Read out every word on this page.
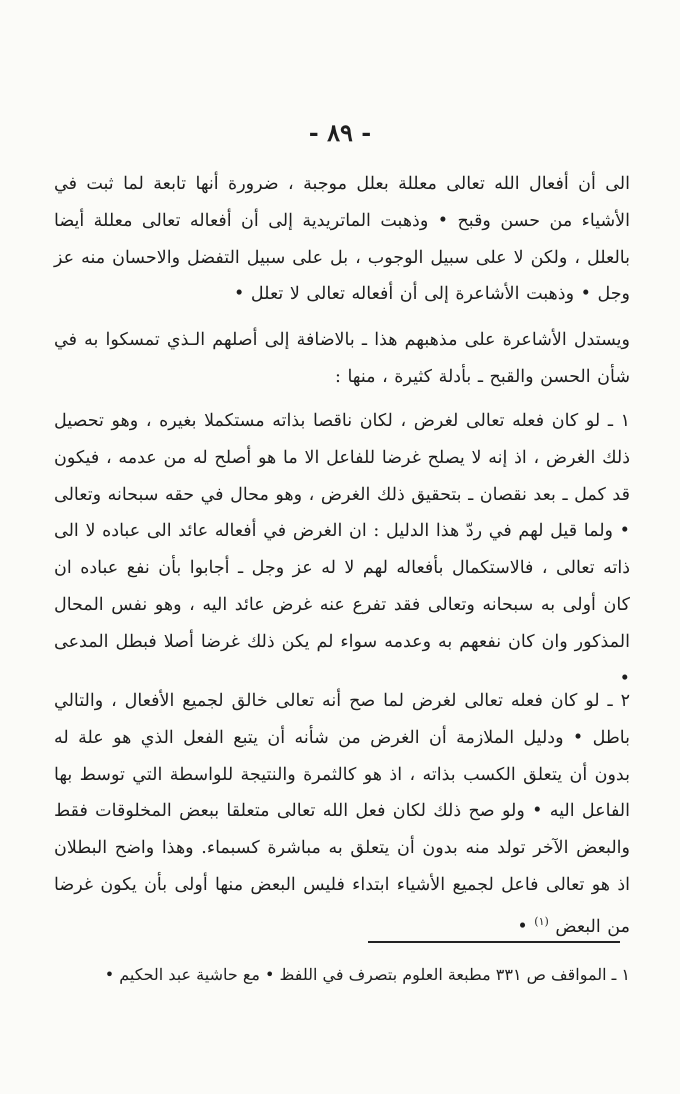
- ٨٩ -

الى أن أفعال الله تعالى معللة بعلل موجبة ، ضرورة أنها تابعة لما ثبت في الأشياء من حسن وقبح • وذهبت الماتريدية إلى أن أفعاله تعالى معللة أيضا بالعلل ، ولكن لا على سبيل الوجوب ، بل على سبيل التفضل والاحسان منه عز وجل • وذهبت الأشاعرة إلى أن أفعاله تعالى لا تعلل •

ويستدل الأشاعرة على مذهبهم هذا ـ بالاضافة إلى أصلهم الـذي تمسكوا به في شأن الحسن والقبح ـ بأدلة كثيرة ، منها :

١ ـ لو كان فعله تعالى لغرض ، لكان ناقصا بذاته مستكملا بغيره ، وهو تحصيل ذلك الغرض ، اذ إنه لا يصلح غرضا للفاعل الا ما هو أصلح له من عدمه ، فيكون قد كمل ـ بعد نقصان ـ بتحقيق ذلك الغرض ، وهو محال في حقه سبحانه وتعالى • ولما قيل لهم في ردّ هذا الدليل : ان الغرض في أفعاله عائد الى عباده لا الى ذاته تعالى ، فالاستكمال بأفعاله لهم لا له عز وجل ـ أجابوا بأن نفع عباده ان كان أولى به سبحانه وتعالى فقد تفرع عنه غرض عائد اليه ، وهو نفس المحال المذكور وان كان نفعهم به وعدمه سواء لم يكن ذلك غرضا أصلا فبطل المدعى •

٢ ـ لو كان فعله تعالى لغرض لما صح أنه تعالى خالق لجميع الأفعال ، والتالي باطل • ودليل الملازمة أن الغرض من شأنه أن يتبع الفعل الذي هو علة له بدون أن يتعلق الكسب بذاته ، اذ هو كالثمرة والنتيجة للواسطة التي توسط بها الفاعل اليه • ولو صح ذلك لكان فعل الله تعالى متعلقا ببعض المخلوقات فقط والبعض الآخر تولد منه بدون أن يتعلق به مباشرة كسبماء. وهذا واضح البطلان اذ هو تعالى فاعل لجميع الأشياء ابتداء فليس البعض منها أولى بأن يكون غرضا من البعض $^{(١)}$ •

١ ـ المواقف ص ٣٣١ مطبعة العلوم بتصرف في اللفظ • مع حاشية عبد الحكيم •
